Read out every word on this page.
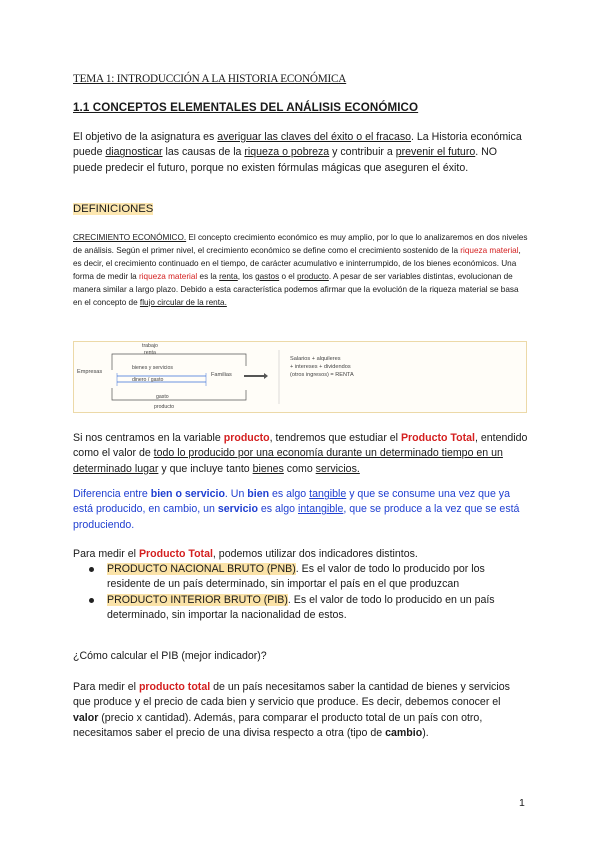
TEMA 1: INTRODUCCIÓN A LA HISTORIA ECONÓMICA
1.1 CONCEPTOS ELEMENTALES DEL ANÁLISIS ECONÓMICO
El objetivo de la asignatura es averiguar las claves del éxito o el fracaso. La Historia económica puede diagnosticar las causas de la riqueza o pobreza y contribuir a prevenir el futuro. NO puede predecir el futuro, porque no existen fórmulas mágicas que aseguren el éxito.
DEFINICIONES
CRECIMIENTO ECONÓMICO. El concepto crecimiento económico es muy amplio, por lo que lo analizaremos en dos niveles de análisis. Según el primer nivel, el crecimiento económico se define como el crecimiento sostenido de la riqueza material, es decir, el crecimiento continuado en el tiempo, de carácter acumulativo e ininterrumpido, de los bienes económicos. Una forma de medir la riqueza material es la renta, los gastos o el producto. A pesar de ser variables distintas, evolucionan de manera similar a largo plazo. Debido a esta característica podemos afirmar que la evolución de la riqueza material se basa en el concepto de flujo circular de la renta.
trabajo
renta
Empresas
bienes y servicios
dinero / gasto
Familias
gasto
producto
Salarios + alquileres
+ intereses + dividendos
(otros ingresos) = RENTA
Si nos centramos en la variable producto, tendremos que estudiar el Producto Total, entendido como el valor de todo lo producido por una economía durante un determinado tiempo en un determinado lugar y que incluye tanto bienes como servicios.
Diferencia entre bien o servicio. Un bien es algo tangible y que se consume una vez que ya está producido, en cambio, un servicio es algo intangible, que se produce a la vez que se está produciendo.
Para medir el Producto Total, podemos utilizar dos indicadores distintos.
PRODUCTO NACIONAL BRUTO (PNB). Es el valor de todo lo producido por los residente de un país determinado, sin importar el país en el que produzcan
PRODUCTO INTERIOR BRUTO (PIB). Es el valor de todo lo producido en un país determinado, sin importar la nacionalidad de estos.
¿Cómo calcular el PIB (mejor indicador)?
Para medir el producto total de un país necesitamos saber la cantidad de bienes y servicios que produce y el precio de cada bien y servicio que produce. Es decir, debemos conocer el valor (precio x cantidad). Además, para comparar el producto total de un país con otro, necesitamos saber el precio de una divisa respecto a otra (tipo de cambio).
1
